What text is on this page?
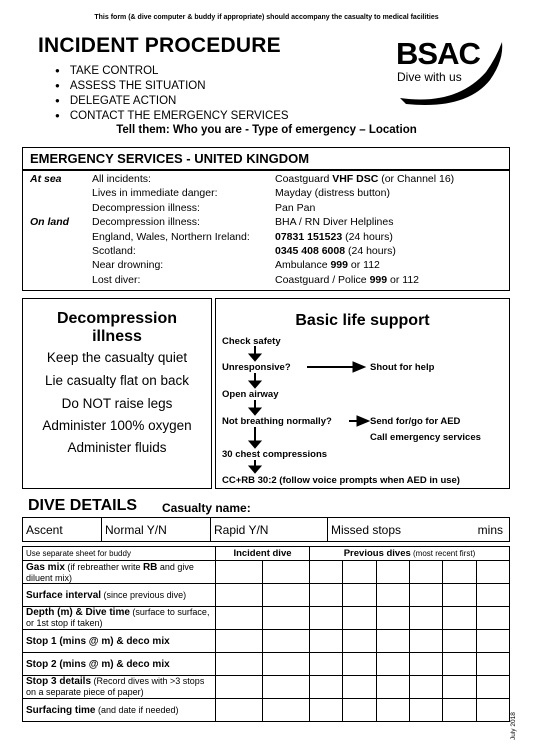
This form (& dive computer & buddy if appropriate) should accompany the casualty to medical facilities
INCIDENT PROCEDURE
● TAKE CONTROL
● ASSESS THE SITUATION
● DELEGATE ACTION
● CONTACT THE EMERGENCY SERVICES
Tell them: Who you are - Type of emergency – Location
BSAC
Dive with us
EMERGENCY SERVICES - UNITED KINGDOM
At sea	All incidents:	Coastguard VHF DSC (or Channel 16)
Lives in immediate danger:	Mayday (distress button)
Decompression illness:	Pan Pan
On land Decompression illness:	BHA / RN Diver Helplines
England, Wales, Northern Ireland: 07831 151523 (24 hours)
Scotland:	0345 408 6008 (24 hours)
Near drowning:	Ambulance 999 or 112
Lost diver:	Coastguard / Police 999 or 112
Decompression
illness
Keep the casualty quiet
Lie casualty flat on back
Do NOT raise legs
Administer 100% oxygen
Administer fluids
Basic life support
Check safety
Unresponsive?	Shout for help
Open airway
Not breathing normally?	Send for/go for AED
Call emergency services
30 chest compressions
CC+RB 30:2 (follow voice prompts when AED in use)
DIVE DETAILS Casualty name:
Ascent	Normal Y/N	Rapid Y/N	Missed stops	mins
Use separate sheet for buddy	Incident dive		Previous dives (most recent first)					
Gas mix (if rebreather write RB and give diluent mix)								
Surface interval (since previous dive)								
Depth (m) & Dive time (surface to surface, or 1st stop if taken)								
Stop 1 (mins @ m) & deco mix								
Stop 2 (mins @ m) & deco mix								
Stop 3 details (Record dives with >3 stops on a separate piece of paper)								
Surfacing time (and date if needed)								
July 2018
